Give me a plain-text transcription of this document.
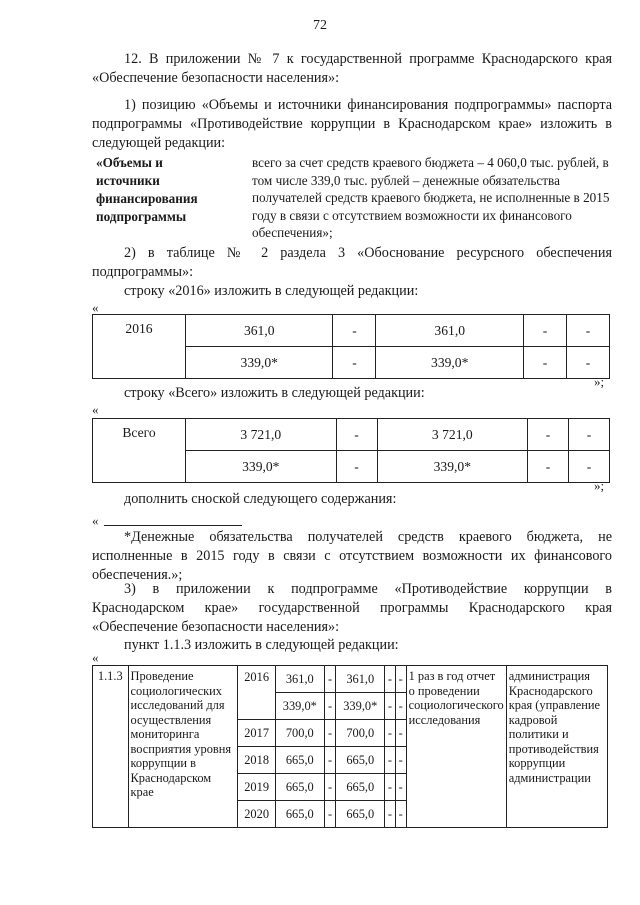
72

12. В приложении № 7 к государственной программе Краснодарского края «Обеспечение безопасности населения»:

1) позицию «Объемы и источники финансирования подпрограммы» паспорта подпрограммы «Противодействие коррупции в Краснодарском крае» изложить в следующей редакции:

«Объемы и
источники
финансирования
подпрограммы
всего за счет средств краевого бюджета – 4 060,0 тыс. рублей, в том числе 339,0 тыс. рублей – денежные обязательства получателей средств краевого бюджета, не исполненные в 2015 году в связи с отсутствием возможности их финансового обеспечения»;

2) в таблице № 2 раздела 3 «Обоснование ресурсного обеспечения подпрограммы»:

строку «2016» изложить в следующей редакции:

«
2016	361,0	-	361,0	-	-
	339,0*	-	339,0*	-	-
»;

строку «Всего» изложить в следующей редакции:

«
Всего	3 721,0	-	3 721,0	-	-
	339,0*	-	339,0*	-	-
»;

дополнить сноской следующего содержания:

«

*Денежные обязательства получателей средств краевого бюджета, не исполненные в 2015 году в связи с отсутствием возможности их финансового обеспечения.»;

3) в приложении к подпрограмме «Противодействие коррупции в Краснодарском крае» государственной программы Краснодарского края «Обеспечение безопасности населения»:

пункт 1.1.3 изложить в следующей редакции:

«
1.1.3	Проведение социологических исследований для осуществления мониторинга восприятия уровня коррупции в Краснодарском крае	2016	361,0	-	361,0	-	-	1 раз в год отчет о проведении социологического исследования	администрация Краснодарского края (управление кадровой политики и противодействия коррупции администрации
			339,0*	-	339,0*	-	-		
		2017	700,0	-	700,0	-	-		
		2018	665,0	-	665,0	-	-		
		2019	665,0	-	665,0	-	-		
		2020	665,0	-	665,0	-	-		
